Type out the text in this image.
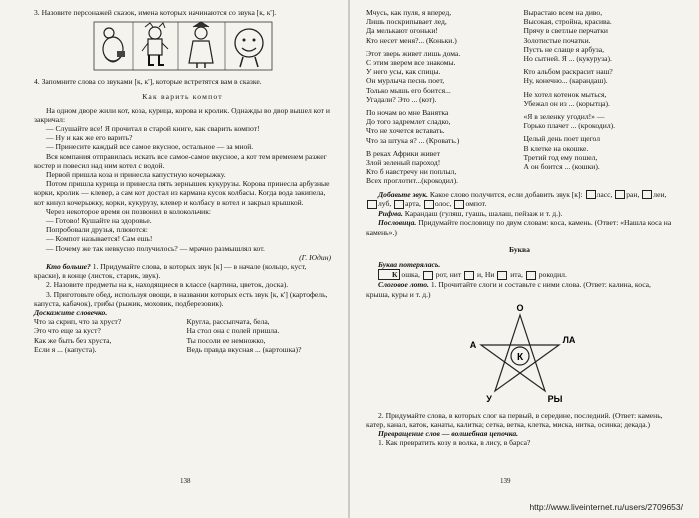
3. Назовите персонажей сказок, имена которых начинаются со звука [к, к'].

4. Запомните слова со звуками [к, к'], которые встретятся вам в сказке.

Как варить компот

На одном дворе жили кот, коза, курица, корова и кролик. Однажды во двор вышел кот и закричал:

— Слушайте все! Я прочитал в старой книге, как сварить компот!

— Ну и как же его варить?

— Принесите каждый все самое вкусное, остальное — за мной.

Вся компания отправилась искать все самое-самое вкусное, а кот тем временем разжег костер и повесил над ним котел с водой.

Первой пришла коза и принесла капустную кочерыжку.

Потом пришла курица и принесла пять зернышек кукурузы. Корова принесла арбузные корки, кролик — клевер, а сам кот достал из кармана кусок колбасы. Когда вода закипела, кот кинул кочерыжку, корки, кукурузу, клевер и колбасу в котел и закрыл крышкой.

Через некоторое время он позвонил в колокольчик:

— Готово! Кушайте на здоровье.

Попробовали друзья, плюются:

— Компот называется! Сам ешь!

— Почему же так невкусно получилось? — мрачно размышлял кот.

(Г. Юдин)

Кто больше? 1. Придумайте слова, в которых звук [к] — в начале (кольцо, куст, краски), в конце (листок, старик, звук).

2. Назовите предметы на к, находящиеся в классе (картина, цветок, доска).

3. Приготовьте обед, используя овощи, в названии которых есть звук [к, к'] (картофель, капуста, кабачок), грибы (рыжик, моховик, подберезовик).

Доскажите словечко.

Что за скрип, что за хруст?

Это что еще за куст?

Как же быть без хруста,

Если я ... (капуста).

Кругла, рассыпчата, бела,

На стол она с полей пришла.

Ты посоли ее немножко,

Ведь правда вкусная ... (картошка)?

138

Мчусь, как пуля, я вперед,

Лишь поскрипывает лед,

Да мелькают огоньки!

Кто несет меня?... (Коньки.)

Этот зверь живет лишь дома.

С этим зверем все знакомы.

У него усы, как спицы.

Он мурлыча песнь поет,

Только мышь его боится...

Угадали? Это ... (кот).

По ночам во мне Ванятка

До того задремлет сладко,

Что не хочется вставать.

Что за штука я? ... (Кровать.)

В реках Африки живет

Злой зеленый пароход!

Кто б навстречу ни поплыл,

Всех проглотит...(крокодил).

Вырастаю всем на диво,

Высокая, стройна, красива.

Прячу в светлые перчатки

Золотистые початки.

Пусть не слаще я арбуза,

Но сытней. Я ... (кукуруза).

Кто альбом раскрасит наш?

Ну, конечно... (карандаш).

Не хотел котенок мыться,

Убежал он из ... (корытца).

«Я в зеленку угодил!» —

Горько плачет ... (крокодил).

Целый день поет щегол

В клетке на окошке.

Третий год ему пошел,

А он боится ... (кошки).

Добавьте звук. Какое слово получится, если добавить звук [к]: ласс, ран, леи, луб, арта, олос, омпот.

Рифма. Карандаш (гуляш, гуашь, шалаш, пейзаж и т. д.).

Пословица. Придумайте пословицу по двум словам: коса, камень. (Ответ: «Нашла коса на камень».)

Буква

Буква потерялась.

К ошка,  рот, нит  и, Ни  ита,  рокодил.

Слоговое лото. 1. Прочитайте слоги и составьте с ними слова. (Ответ: калина, коса, крыша, куры и т. д.)

К
О
А	ЛА
У	РЫ

2. Придумайте слова, в которых слог ка первый, в середине, последний. (Ответ: камень, катер, канал, каток, канаты, калитка; сетка, ветка, клетка, миска, нитка, осинка; декада.)

Превращение слов — волшебная цепочка.

1. Как превратить козу в волка, в лису, в барса?

139
http://www.liveinternet.ru/users/2709653/
